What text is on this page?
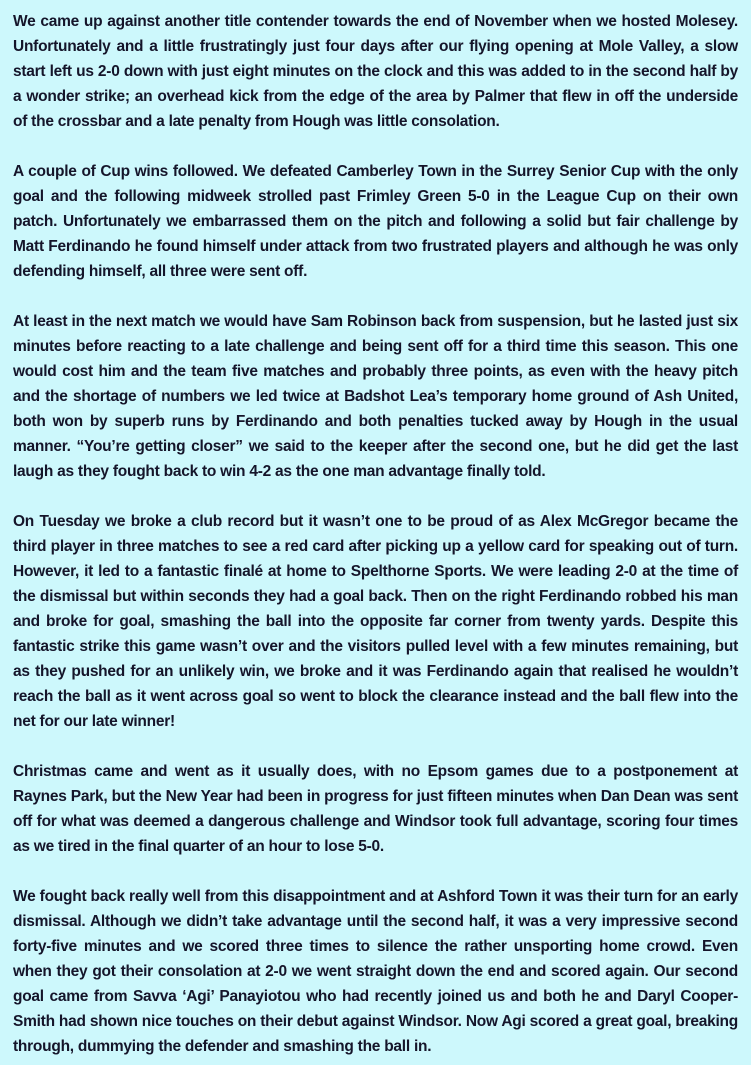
We came up against another title contender towards the end of November when we hosted Molesey. Unfortunately and a little frustratingly just four days after our flying opening at Mole Valley, a slow start left us 2-0 down with just eight minutes on the clock and this was added to in the second half by a wonder strike; an overhead kick from the edge of the area by Palmer that flew in off the underside of the crossbar and a late penalty from Hough was little consolation.

A couple of Cup wins followed. We defeated Camberley Town in the Surrey Senior Cup with the only goal and the following midweek strolled past Frimley Green 5-0 in the League Cup on their own patch. Unfortunately we embarrassed them on the pitch and following a solid but fair challenge by Matt Ferdinando he found himself under attack from two frustrated players and although he was only defending himself, all three were sent off.

At least in the next match we would have Sam Robinson back from suspension, but he lasted just six minutes before reacting to a late challenge and being sent off for a third time this season. This one would cost him and the team five matches and probably three points, as even with the heavy pitch and the shortage of numbers we led twice at Badshot Lea’s temporary home ground of Ash United, both won by superb runs by Ferdinando and both penalties tucked away by Hough in the usual manner. “You’re getting closer” we said to the keeper after the second one, but he did get the last laugh as they fought back to win 4-2 as the one man advantage finally told.

On Tuesday we broke a club record but it wasn’t one to be proud of as Alex McGregor became the third player in three matches to see a red card after picking up a yellow card for speaking out of turn. However, it led to a fantastic finalé at home to Spelthorne Sports. We were leading 2-0 at the time of the dismissal but within seconds they had a goal back. Then on the right Ferdinando robbed his man and broke for goal, smashing the ball into the opposite far corner from twenty yards. Despite this fantastic strike this game wasn’t over and the visitors pulled level with a few minutes remaining, but as they pushed for an unlikely win, we broke and it was Ferdinando again that realised he wouldn’t reach the ball as it went across goal so went to block the clearance instead and the ball flew into the net for our late winner!

Christmas came and went as it usually does, with no Epsom games due to a postponement at Raynes Park, but the New Year had been in progress for just fifteen minutes when Dan Dean was sent off for what was deemed a dangerous challenge and Windsor took full advantage, scoring four times as we tired in the final quarter of an hour to lose 5-0.

We fought back really well from this disappointment and at Ashford Town it was their turn for an early dismissal. Although we didn’t take advantage until the second half, it was a very impressive second forty-five minutes and we scored three times to silence the rather unsporting home crowd. Even when they got their consolation at 2-0 we went straight down the end and scored again. Our second goal came from Savva ‘Agi’ Panayiotou who had recently joined us and both he and Daryl Cooper-Smith had shown nice touches on their debut against Windsor. Now Agi scored a great goal, breaking through, dummying the defender and smashing the ball in.
